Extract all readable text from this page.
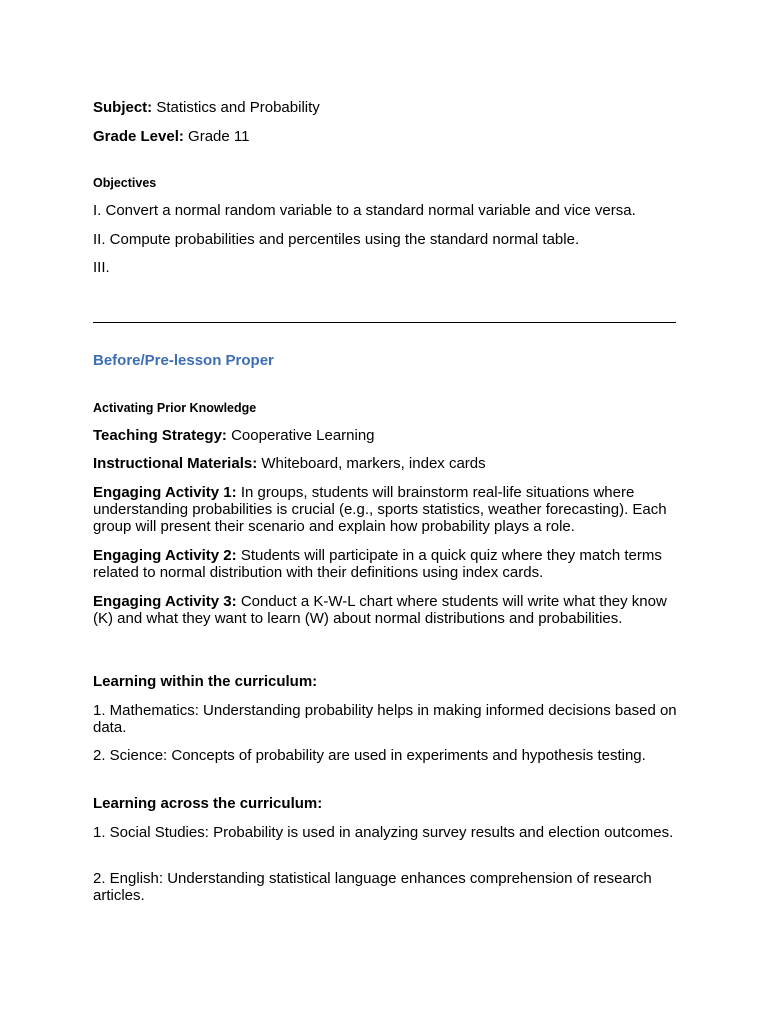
Subject: Statistics and Probability

Grade Level: Grade 11

Objectives

I. Convert a normal random variable to a standard normal variable and vice versa.

II. Compute probabilities and percentiles using the standard normal table.

III.

Before/Pre-lesson Proper

Activating Prior Knowledge

Teaching Strategy: Cooperative Learning

Instructional Materials: Whiteboard, markers, index cards

Engaging Activity 1: In groups, students will brainstorm real-life situations where understanding probabilities is crucial (e.g., sports statistics, weather forecasting). Each group will present their scenario and explain how probability plays a role.

Engaging Activity 2: Students will participate in a quick quiz where they match terms related to normal distribution with their definitions using index cards.

Engaging Activity 3: Conduct a K-W-L chart where students will write what they know (K) and what they want to learn (W) about normal distributions and probabilities.

Learning within the curriculum:

1. Mathematics: Understanding probability helps in making informed decisions based on data.

2. Science: Concepts of probability are used in experiments and hypothesis testing.

Learning across the curriculum:

1. Social Studies: Probability is used in analyzing survey results and election outcomes.

2. English: Understanding statistical language enhances comprehension of research articles.
